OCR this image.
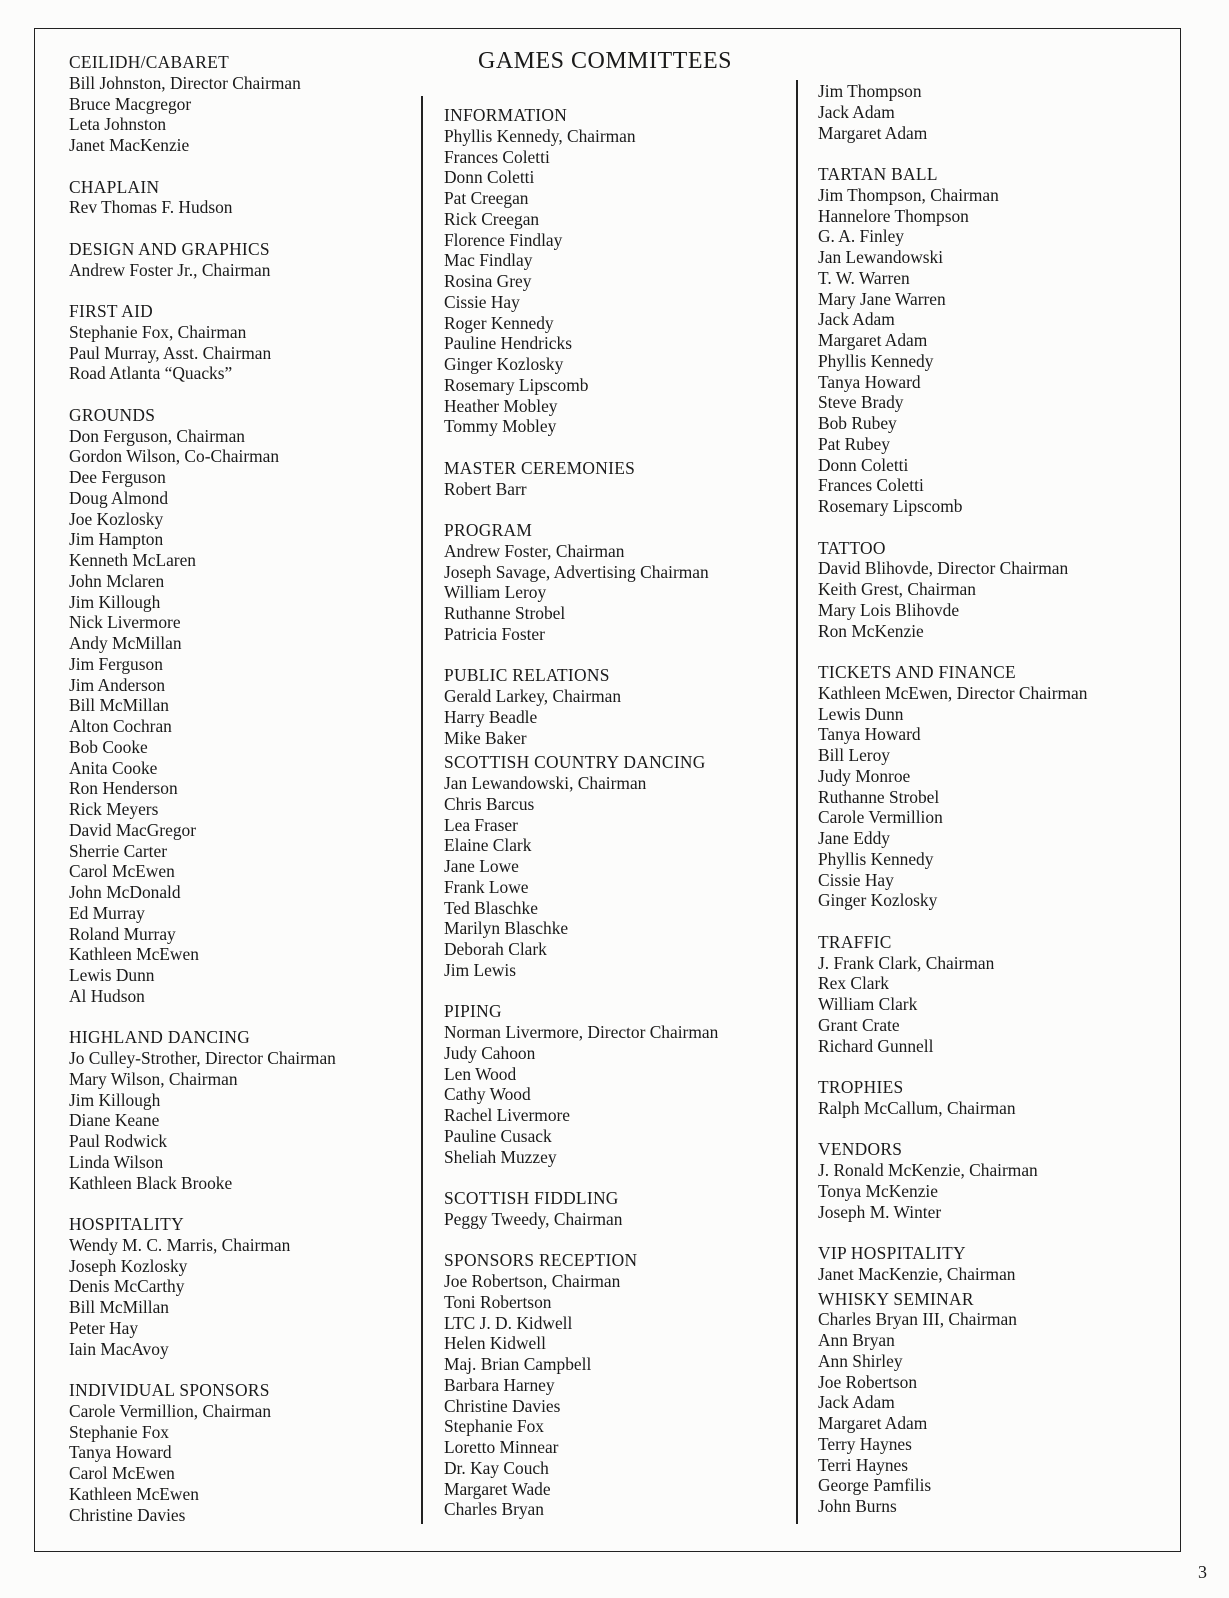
GAMES COMMITTEES
CEILIDH/CABARET
Bill Johnston, Director Chairman
Bruce Macgregor
Leta Johnston
Janet MacKenzie
CHAPLAIN
Rev Thomas F. Hudson
DESIGN AND GRAPHICS
Andrew Foster Jr., Chairman
FIRST AID
Stephanie Fox, Chairman
Paul Murray, Asst. Chairman
Road Atlanta “Quacks”
GROUNDS
Don Ferguson, Chairman
Gordon Wilson, Co-Chairman
Dee Ferguson
Doug Almond
Joe Kozlosky
Jim Hampton
Kenneth McLaren
John Mclaren
Jim Killough
Nick Livermore
Andy McMillan
Jim Ferguson
Jim Anderson
Bill McMillan
Alton Cochran
Bob Cooke
Anita Cooke
Ron Henderson
Rick Meyers
David MacGregor
Sherrie Carter
Carol McEwen
John McDonald
Ed Murray
Roland Murray
Kathleen McEwen
Lewis Dunn
Al Hudson
HIGHLAND DANCING
Jo Culley-Strother, Director Chairman
Mary Wilson, Chairman
Jim Killough
Diane Keane
Paul Rodwick
Linda Wilson
Kathleen Black Brooke
HOSPITALITY
Wendy M. C. Marris, Chairman
Joseph Kozlosky
Denis McCarthy
Bill McMillan
Peter Hay
Iain MacAvoy
INDIVIDUAL SPONSORS
Carole Vermillion, Chairman
Stephanie Fox
Tanya Howard
Carol McEwen
Kathleen McEwen
Christine Davies
INFORMATION
Phyllis Kennedy, Chairman
Frances Coletti
Donn Coletti
Pat Creegan
Rick Creegan
Florence Findlay
Mac Findlay
Rosina Grey
Cissie Hay
Roger Kennedy
Pauline Hendricks
Ginger Kozlosky
Rosemary Lipscomb
Heather Mobley
Tommy Mobley
MASTER CEREMONIES
Robert Barr
PROGRAM
Andrew Foster, Chairman
Joseph Savage, Advertising Chairman
William Leroy
Ruthanne Strobel
Patricia Foster
PUBLIC RELATIONS
Gerald Larkey, Chairman
Harry Beadle
Mike Baker
SCOTTISH COUNTRY DANCING
Jan Lewandowski, Chairman
Chris Barcus
Lea Fraser
Elaine Clark
Jane Lowe
Frank Lowe
Ted Blaschke
Marilyn Blaschke
Deborah Clark
Jim Lewis
PIPING
Norman Livermore, Director Chairman
Judy Cahoon
Len Wood
Cathy Wood
Rachel Livermore
Pauline Cusack
Sheliah Muzzey
SCOTTISH FIDDLING
Peggy Tweedy, Chairman
SPONSORS RECEPTION
Joe Robertson, Chairman
Toni Robertson
LTC J. D. Kidwell
Helen Kidwell
Maj. Brian Campbell
Barbara Harney
Christine Davies
Stephanie Fox
Loretto Minnear
Dr. Kay Couch
Margaret Wade
Charles Bryan
Jim Thompson
Jack Adam
Margaret Adam
TARTAN BALL
Jim Thompson, Chairman
Hannelore Thompson
G. A. Finley
Jan Lewandowski
T. W. Warren
Mary Jane Warren
Jack Adam
Margaret Adam
Phyllis Kennedy
Tanya Howard
Steve Brady
Bob Rubey
Pat Rubey
Donn Coletti
Frances Coletti
Rosemary Lipscomb
TATTOO
David Blihovde, Director Chairman
Keith Grest, Chairman
Mary Lois Blihovde
Ron McKenzie
TICKETS AND FINANCE
Kathleen McEwen, Director Chairman
Lewis Dunn
Tanya Howard
Bill Leroy
Judy Monroe
Ruthanne Strobel
Carole Vermillion
Jane Eddy
Phyllis Kennedy
Cissie Hay
Ginger Kozlosky
TRAFFIC
J. Frank Clark, Chairman
Rex Clark
William Clark
Grant Crate
Richard Gunnell
TROPHIES
Ralph McCallum, Chairman
VENDORS
J. Ronald McKenzie, Chairman
Tonya McKenzie
Joseph M. Winter
VIP HOSPITALITY
Janet MacKenzie, Chairman
WHISKY SEMINAR
Charles Bryan III, Chairman
Ann Bryan
Ann Shirley
Joe Robertson
Jack Adam
Margaret Adam
Terry Haynes
Terri Haynes
George Pamfilis
John Burns
3
